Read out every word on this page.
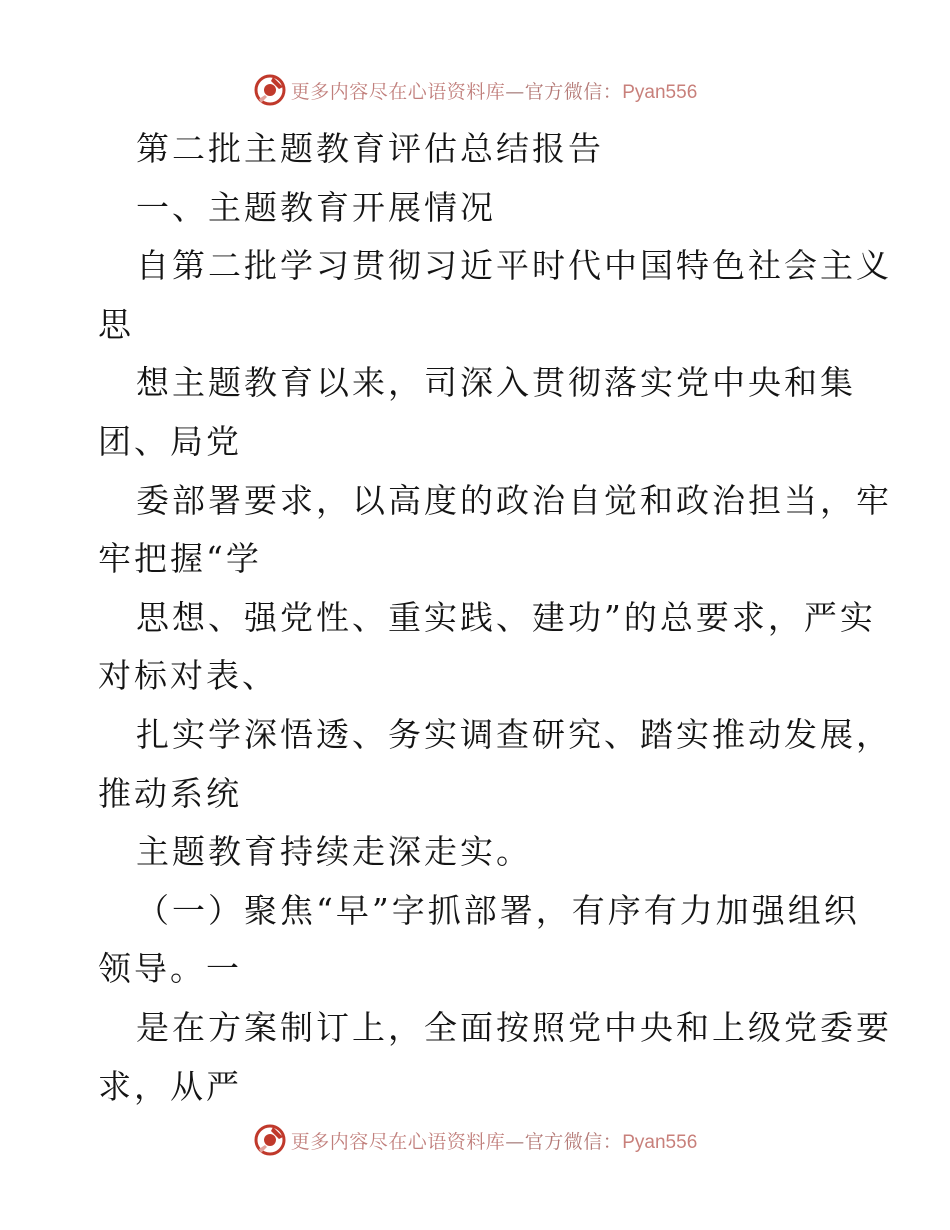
更多内容尽在心语资料库—官方微信：Pyan556
第二批主题教育评估总结报告
一、主题教育开展情况
自第二批学习贯彻习近平时代中国特色社会主义
思
想主题教育以来，司深入贯彻落实党中央和集
团、局党
委部署要求，以高度的政治自觉和政治担当，牢
牢把握“学
思想、强党性、重实践、建功”的总要求，严实
对标对表、
扎实学深悟透、务实调查研究、踏实推动发展，
推动系统
主题教育持续走深走实。
（一）聚焦“早”字抓部署，有序有力加强组织
领导。一
是在方案制订上，全面按照党中央和上级党委要
求，从严
更多内容尽在心语资料库—官方微信：Pyan556
